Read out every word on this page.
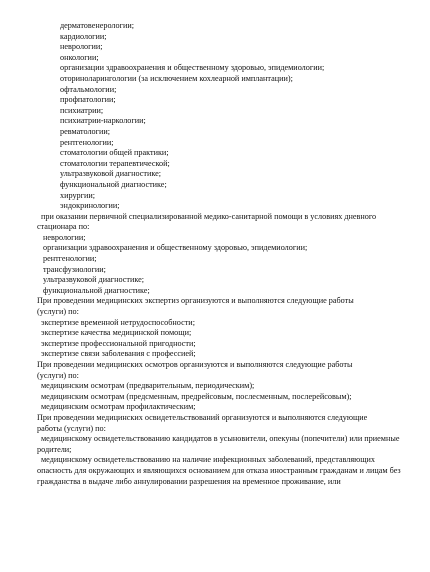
дерматовенерологии;
кардиологии;
неврологии;
онкологии;
организации здравоохранения и общественному здоровью, эпидемиологии;
оториноларингологии (за исключением кохлеарной имплантации);
офтальмологии;
профпатологии;
психиатрии;
психиатрии-наркологии;
ревматологии;
рентгенологии;
стоматологии общей практики;
стоматологии терапевтической;
ультразвуковой диагностике;
функциональной диагностике;
хирургии;
эндокринологии;
при оказании первичной специализированной медико-санитарной помощи в условиях дневного
стационара по:
неврологии;
организации здравоохранения и общественному здоровью, эпидемиологии;
рентгенологии;
трансфузиологии;
ультразвуковой диагностике;
функциональной диагностике;
При проведении медицинских экспертиз организуются и выполняются следующие работы
(услуги) по:
экспертизе временной нетрудоспособности;
экспертизе качества медицинской помощи;
экспертизе профессиональной пригодности;
экспертизе связи заболевания с профессией;
При проведении медицинских осмотров организуются и выполняются следующие работы
(услуги) по:
медицинским осмотрам (предварительным, периодическим);
медицинским осмотрам (предсменным, предрейсовым, послесменным, послерейсовым);
медицинским осмотрам профилактическим;
При проведении медицинских освидетельствований организуются и выполняются следующие
работы (услуги) по:
медицинскому освидетельствованию кандидатов в усыновители, опекуны (попечители) или приемные родители;
медицинскому освидетельствованию на наличие инфекционных заболеваний, представляющих опасность для окружающих и являющихся основанием для отказа иностранным гражданам и лицам без гражданства в выдаче либо аннулировании разрешения на временное проживание, или
